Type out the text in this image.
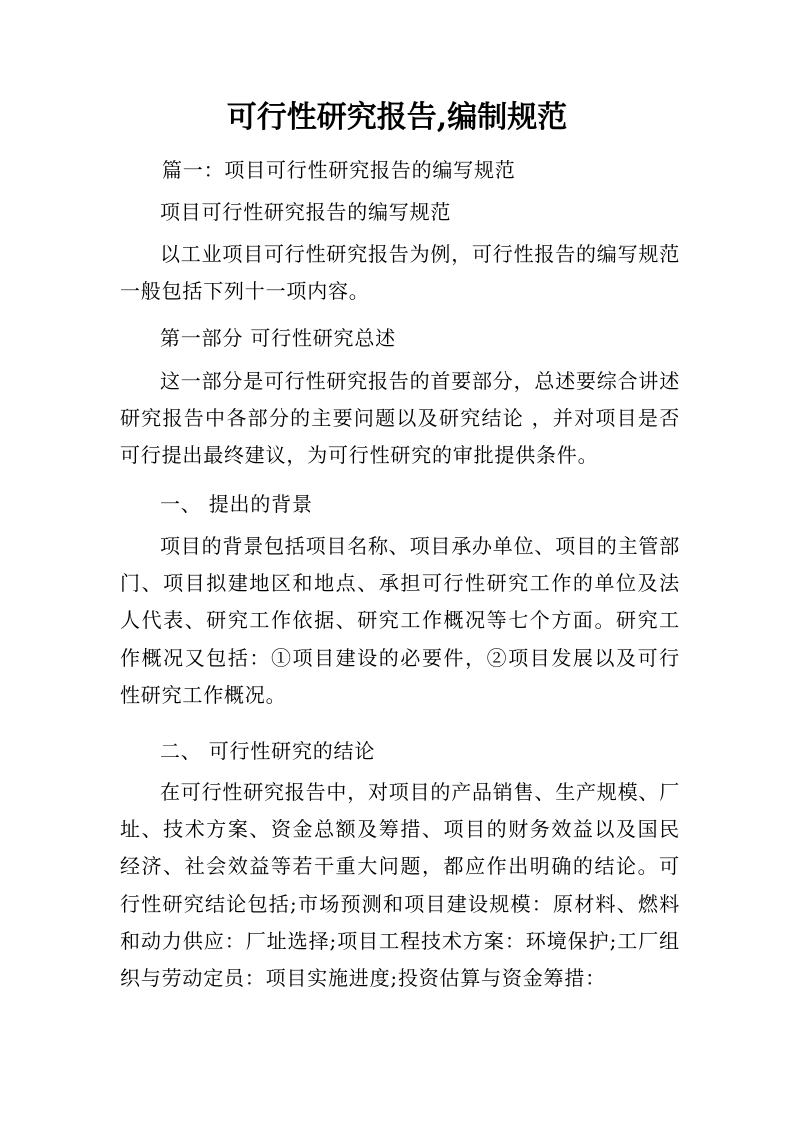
可行性研究报告,编制规范

篇一：项目可行性研究报告的编写规范

项目可行性研究报告的编写规范

以工业项目可行性研究报告为例，可行性报告的编写规范一般包括下列十一项内容。

第一部分 可行性研究总述

这一部分是可行性研究报告的首要部分，总述要综合讲述研究报告中各部分的主要问题以及研究结论 ，并对项目是否可行提出最终建议，为可行性研究的审批提供条件。

一、 提出的背景

项目的背景包括项目名称、项目承办单位、项目的主管部门、项目拟建地区和地点、承担可行性研究工作的单位及法人代表、研究工作依据、研究工作概况等七个方面。研究工作概况又包括：①项目建设的必要件，②项目发展以及可行性研究工作概况。

二、 可行性研究的结论

在可行性研究报告中，对项目的产品销售、生产规模、厂址、技术方案、资金总额及筹措、项目的财务效益以及国民经济、社会效益等若干重大问题，都应作出明确的结论。可行性研究结论包括;市场预测和项目建设规模：原材料、燃料和动力供应：厂址选择;项目工程技术方案：环境保护;工厂组织与劳动定员：项目实施进度;投资估算与资金筹措：
